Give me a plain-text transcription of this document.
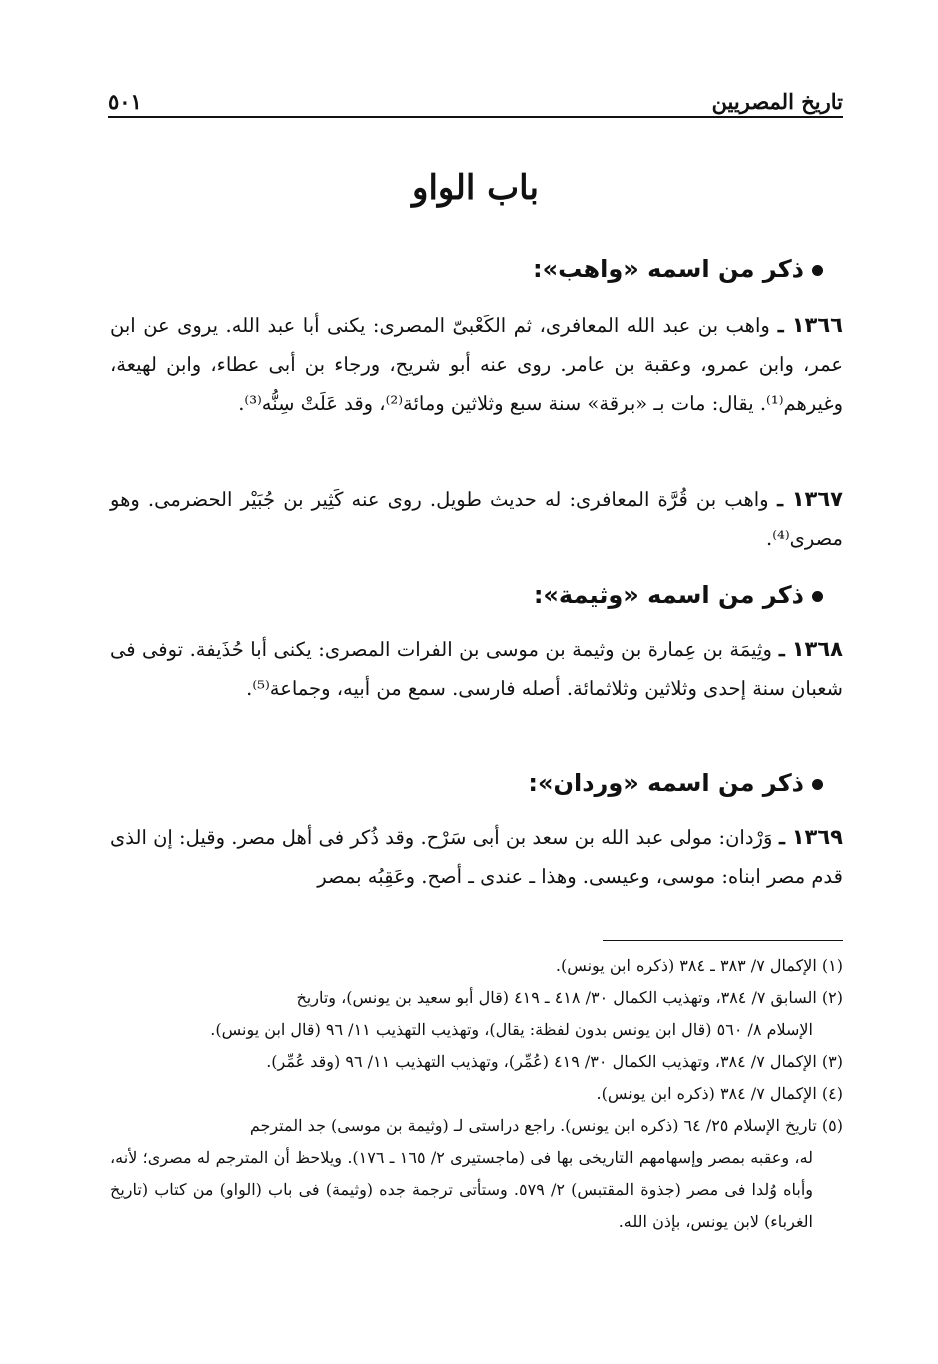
تاريخ المصريين
٥٠١
باب الواو
ذكر من اسمه «واهب»:

١٣٦٦ ـ واهب بن عبد الله المعافرى، ثم الكَعْبىّ المصرى: يكنى أبا عبد الله. يروى عن ابن عمر، وابن عمرو، وعقبة بن عامر. روى عنه أبو شريح، ورجاء بن أبى عطاء، وابن لهيعة، وغيرهم⁽¹⁾. يقال: مات بـ «برقة» سنة سبع وثلاثين ومائة⁽²⁾، وقد عَلَتْ سِنُّه⁽³⁾.

١٣٦٧ ـ واهب بن قُرَّة المعافرى: له حديث طويل. روى عنه كَثِير بن جُبَيْر الحضرمى. وهو مصرى⁽⁴⁾.

ذكر من اسمه «وثيمة»:

١٣٦٨ ـ وثِيمَة بن عِمارة بن وثيمة بن موسى بن الفرات المصرى: يكنى أبا حُذَيفة. توفى فى شعبان سنة إحدى وثلاثين وثلاثمائة. أصله فارسى. سمع من أبيه، وجماعة⁽⁵⁾.

ذكر من اسمه «وردان»:

١٣٦٩ ـ وَرْدان: مولى عبد الله بن سعد بن أبى سَرْح. وقد ذُكر فى أهل مصر. وقيل: إن الذى قدم مصر ابناه: موسى، وعيسى. وهذا ـ عندى ـ أصح. وعَقِبُه بمصر

(١) الإكمال ٧/ ٣٨٣ ـ ٣٨٤ (ذكره ابن يونس).

(٢) السابق ٧/ ٣٨٤، وتهذيب الكمال ٣٠/ ٤١٨ ـ ٤١٩ (قال أبو سعيد بن يونس)، وتاريخ
الإسلام ٨/ ٥٦٠ (قال ابن يونس بدون لفظة: يقال)، وتهذيب التهذيب ١١/ ٩٦ (قال ابن يونس).

(٣) الإكمال ٧/ ٣٨٤، وتهذيب الكمال ٣٠/ ٤١٩ (عُمِّر)، وتهذيب التهذيب ١١/ ٩٦ (وقد عُمِّر).

(٤) الإكمال ٧/ ٣٨٤ (ذكره ابن يونس).

(٥) تاريخ الإسلام ٢٥/ ٦٤ (ذكره ابن يونس). راجع دراستى لـ (وثيمة بن موسى) جد المترجم
له، وعقبه بمصر وإسهامهم التاريخى بها فى (ماجستيرى ٢/ ١٦٥ ـ ١٧٦). ويلاحظ أن المترجم له مصرى؛ لأنه، وأباه وُلدا فى مصر (جذوة المقتبس) ٢/ ٥٧٩. وستأتى ترجمة جده (وثيمة) فى باب (الواو) من كتاب (تاريخ الغرباء) لابن يونس، بإذن الله.
